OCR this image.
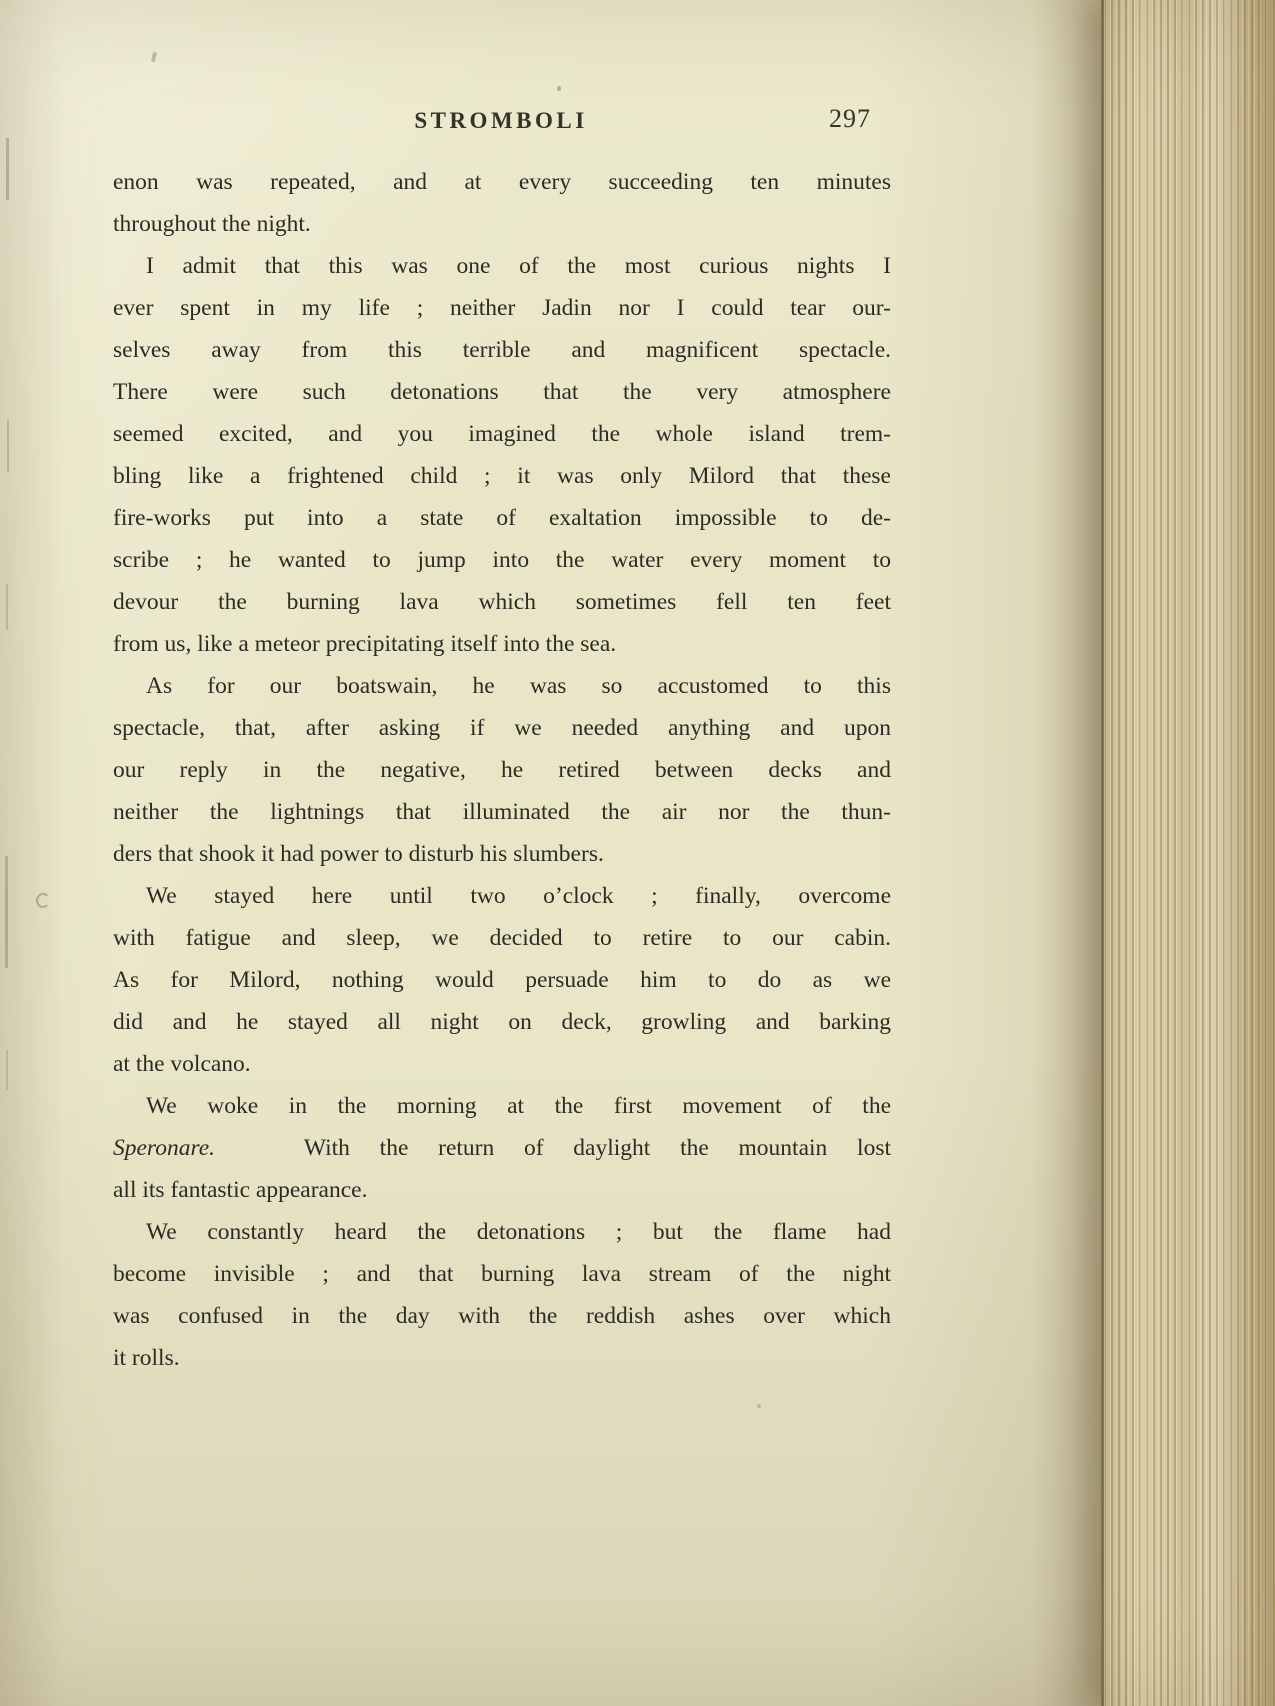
STROMBOLI	297
enon was repeated, and at every succeeding ten minutes
throughout the night.
I admit that this was one of the most curious nights I
ever spent in my life ; neither Jadin nor I could tear our-
selves away from this terrible and magnificent spectacle.
There were such detonations that the very atmosphere
seemed excited, and you imagined the whole island trem-
bling like a frightened child ; it was only Milord that these
fire-works put into a state of exaltation impossible to de-
scribe ; he wanted to jump into the water every moment to
devour the burning lava which sometimes fell ten feet
from us, like a meteor precipitating itself into the sea.
As for our boatswain, he was so accustomed to this
spectacle, that, after asking if we needed anything and upon
our reply in the negative, he retired between decks and
neither the lightnings that illuminated the air nor the thun-
ders that shook it had power to disturb his slumbers.
We stayed here until two o’clock ; finally, overcome
with fatigue and sleep, we decided to retire to our cabin.
As for Milord, nothing would persuade him to do as we
did and he stayed all night on deck, growling and barking
at the volcano.
We woke in the morning at the first movement of the
Speronare.   With the return of daylight the mountain lost
all its fantastic appearance.
We constantly heard the detonations ; but the flame had
become invisible ; and that burning lava stream of the night
was confused in the day with the reddish ashes over which
it rolls.
